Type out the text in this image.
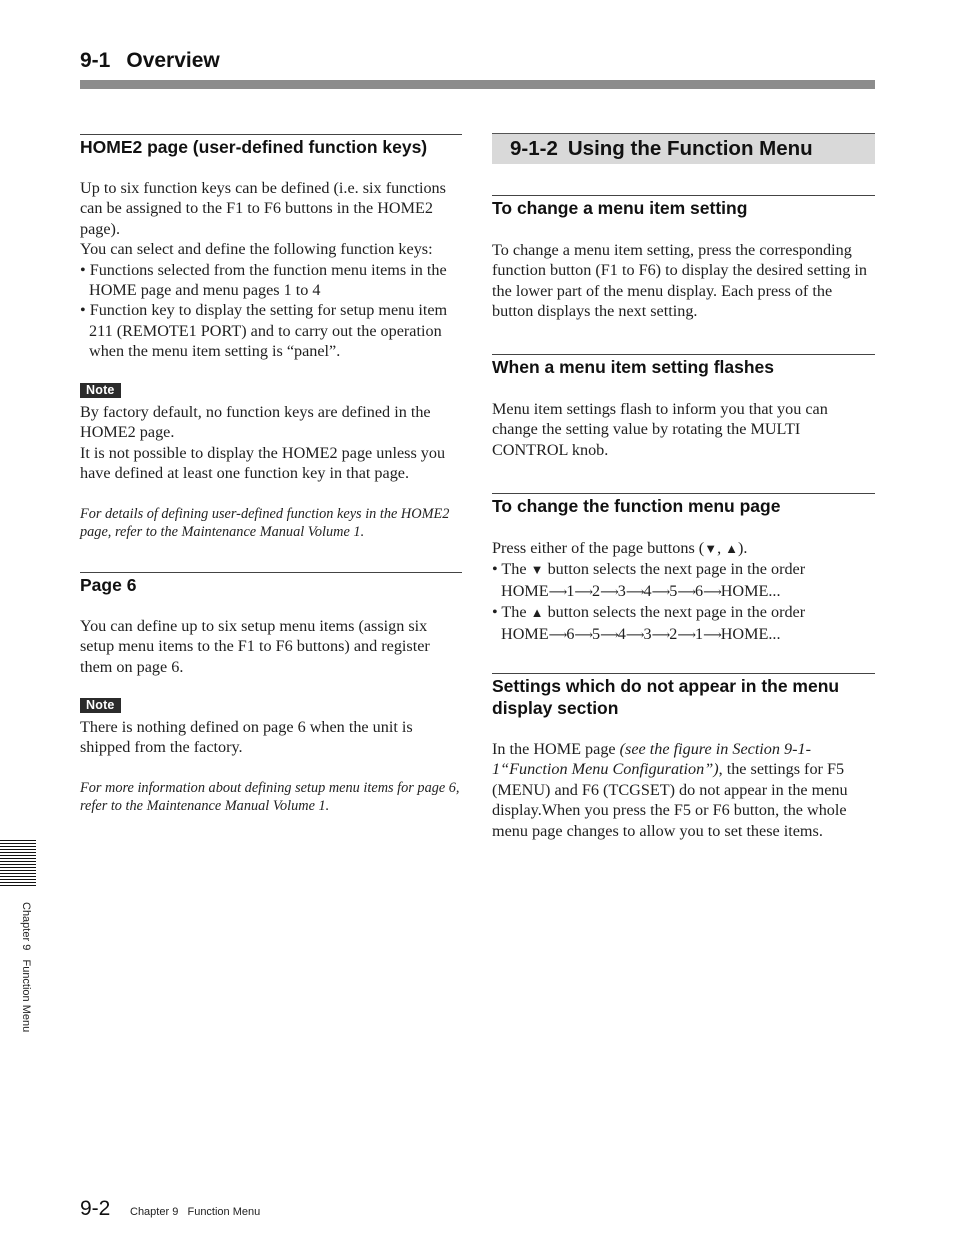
9-1 Overview
HOME2 page (user-defined function keys)

Up to six function keys can be defined (i.e. six functions can be assigned to the F1 to F6 buttons in the HOME2 page).

You can select and define the following function keys:

• Functions selected from the function menu items in the HOME page and menu pages 1 to 4

• Function key to display the setting for setup menu item 211 (REMOTE1 PORT) and to carry out the operation when the menu item setting is “panel”.

Note

By factory default, no function keys are defined in the HOME2 page.

It is not possible to display the HOME2 page unless you have defined at least one function key in that page.

For details of defining user-defined function keys in the HOME2 page, refer to the Maintenance Manual Volume 1.
Page 6
You can define up to six setup menu items (assign six setup menu items to the F1 to F6 buttons) and register them on page 6.
Note
There is nothing defined on page 6 when the unit is shipped from the factory.
For more information about defining setup menu items for page 6, refer to the Maintenance Manual Volume 1.
9-1-2 Using the Function Menu
To change a menu item setting
To change a menu item setting, press the corresponding function button (F1 to F6) to display the desired setting in the lower part of the menu display. Each press of the button displays the next setting.
When a menu item setting flashes
Menu item settings flash to inform you that you can change the setting value by rotating the MULTI CONTROL knob.
To change the function menu page

Press either of the page buttons (▼, ▲).

• The ▼ button selects the next page in the order

HOME⟶1⟶2⟶3⟶4⟶5⟶6⟶HOME...

• The ▲ button selects the next page in the order

HOME⟶6⟶5⟶4⟶3⟶2⟶1⟶HOME...

Settings which do not appear in the menu display section

In the HOME page (see the figure in Section 9-1-1“Function Menu Configuration”), the settings for F5 (MENU) and F6 (TCGSET) do not appear in the menu display.When you press the F5 or F6 button, the whole menu page changes to allow you to set these items.

Chapter 9   Function Menu
9-2 Chapter 9   Function Menu
